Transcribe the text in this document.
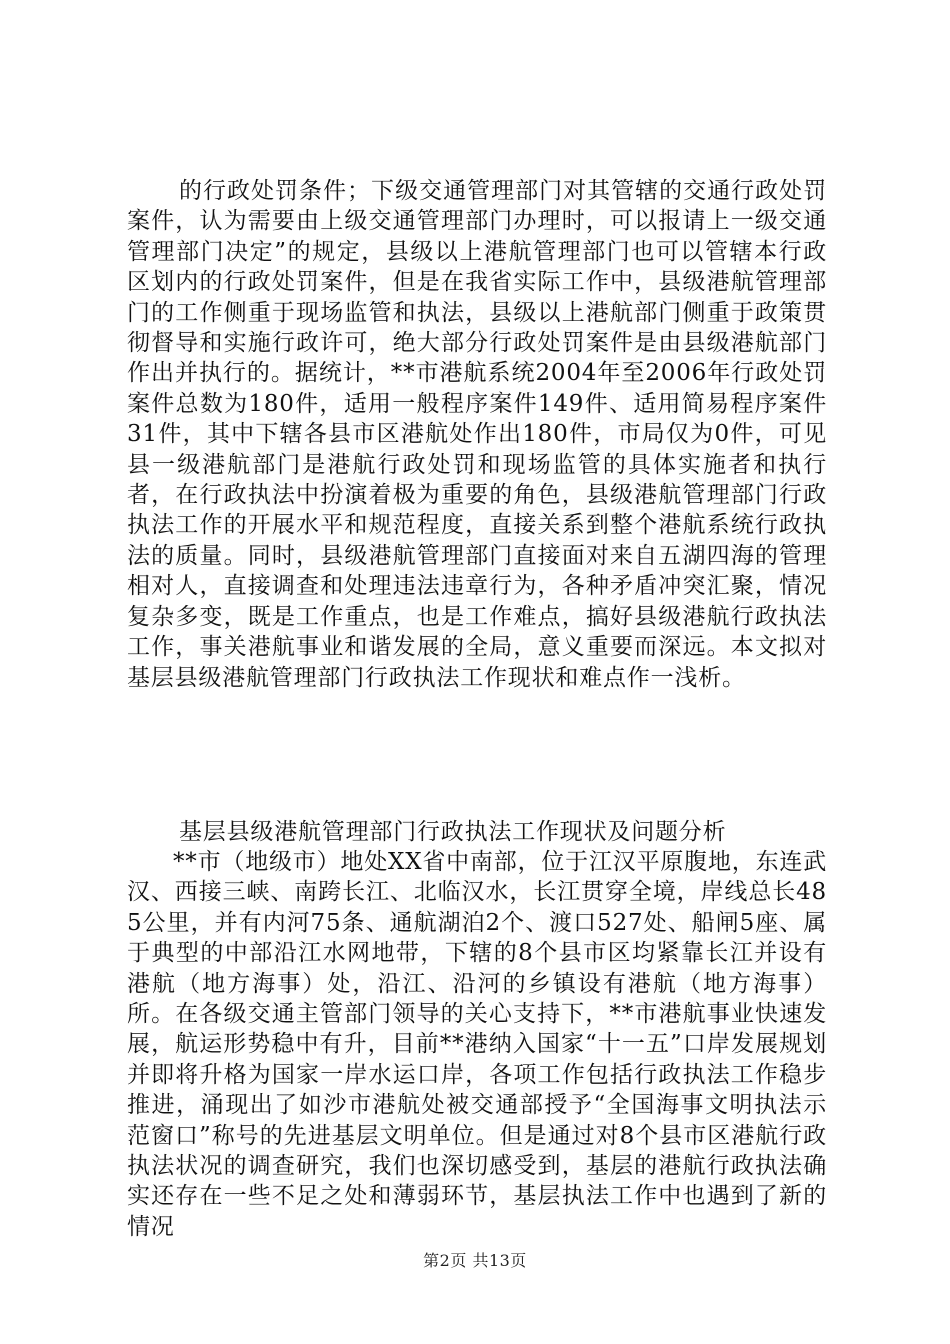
的行政处罚条件；下级交通管理部门对其管辖的交通行政处罚案件，认为需要由上级交通管理部门办理时，可以报请上一级交通管理部门决定”的规定，县级以上港航管理部门也可以管辖本行政区划内的行政处罚案件，但是在我省实际工作中，县级港航管理部门的工作侧重于现场监管和执法，县级以上港航部门侧重于政策贯彻督导和实施行政许可，绝大部分行政处罚案件是由县级港航部门作出并执行的。据统计，**市港航系统2004年至2006年行政处罚案件总数为180件，适用一般程序案件149件、适用简易程序案件31件，其中下辖各县市区港航处作出180件，市局仅为0件，可见县一级港航部门是港航行政处罚和现场监管的具体实施者和执行者，在行政执法中扮演着极为重要的角色，县级港航管理部门行政执法工作的开展水平和规范程度，直接关系到整个港航系统行政执法的质量。同时，县级港航管理部门直接面对来自五湖四海的管理相对人，直接调查和处理违法违章行为，各种矛盾冲突汇聚，情况复杂多变，既是工作重点，也是工作难点，搞好县级港航行政执法工作，事关港航事业和谐发展的全局，意义重要而深远。本文拟对基层县级港航管理部门行政执法工作现状和难点作一浅析。

基层县级港航管理部门行政执法工作现状及问题分析

**市（地级市）地处XX省中南部，位于江汉平原腹地，东连武汉、西接三峡、南跨长江、北临汉水，长江贯穿全境，岸线总长485公里，并有内河75条、通航湖泊2个、渡口527处、船闸5座、属于典型的中部沿江水网地带，下辖的8个县市区均紧靠长江并设有港航（地方海事）处，沿江、沿河的乡镇设有港航（地方海事）所。在各级交通主管部门领导的关心支持下，**市港航事业快速发展，航运形势稳中有升，目前**港纳入国家“十一五”口岸发展规划并即将升格为国家一岸水运口岸，各项工作包括行政执法工作稳步推进，涌现出了如沙市港航处被交通部授予“全国海事文明执法示范窗口”称号的先进基层文明单位。但是通过对8个县市区港航行政执法状况的调查研究，我们也深切感受到，基层的港航行政执法确实还存在一些不足之处和薄弱环节，基层执法工作中也遇到了新的情况

第2页 共13页
